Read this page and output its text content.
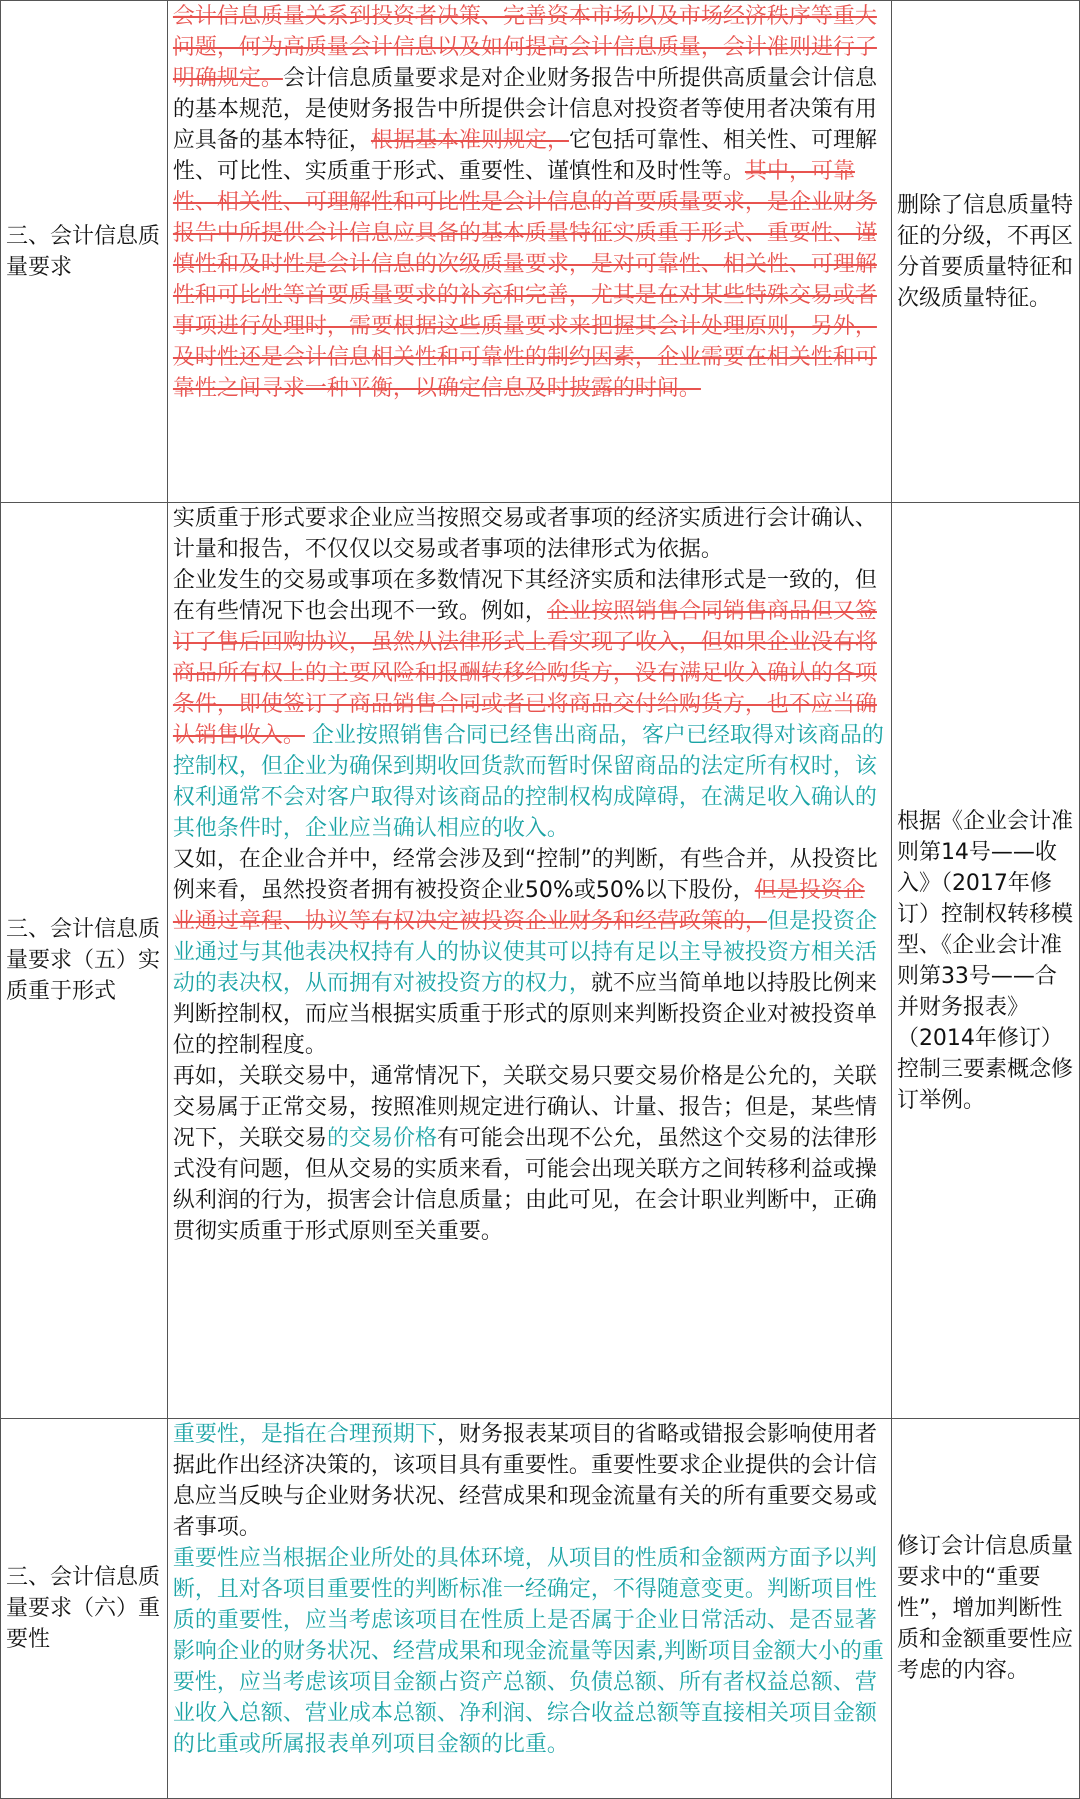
三、会计信息质量要求	会计信息质量关系到投资者决策、完善资本市场以及市场经济秩序等重大问题，何为高质量会计信息以及如何提高会计信息质量，会计准则进行了明确规定。会计信息质量要求是对企业财务报告中所提供高质量会计信息的基本规范，是使财务报告中所提供会计信息对投资者等使用者决策有用应具备的基本特征，根据基本准则规定，它包括可靠性、相关性、可理解性、可比性、实质重于形式、重要性、谨慎性和及时性等。其中，可靠性、相关性、可理解性和可比性是会计信息的首要质量要求，是企业财务报告中所提供会计信息应具备的基本质量特征实质重于形式、重要性、谨慎性和及时性是会计信息的次级质量要求，是对可靠性、相关性、可理解性和可比性等首要质量要求的补充和完善，尤其是在对某些特殊交易或者事项进行处理时，需要根据这些质量要求来把握其会计处理原则，另外，及时性还是会计信息相关性和可靠性的制约因素，企业需要在相关性和可靠性之间寻求一种平衡，以确定信息及时披露的时间。	删除了信息质量特征的分级，不再区分首要质量特征和次级质量特征。
三、会计信息质量要求（五）实质重于形式	实质重于形式要求企业应当按照交易或者事项的经济实质进行会计确认、计量和报告，不仅仅以交易或者事项的法律形式为依据。

企业发生的交易或事项在多数情况下其经济实质和法律形式是一致的，但在有些情况下也会出现不一致。例如，企业按照销售合同销售商品但又签订了售后回购协议，虽然从法律形式上看实现了收入，但如果企业没有将商品所有权上的主要风险和报酬转移给购货方，没有满足收入确认的各项条件，即使签订了商品销售合同或者已将商品交付给购货方，也不应当确认销售收入。 企业按照销售合同已经售出商品，客户已经取得对该商品的控制权，但企业为确保到期收回货款而暂时保留商品的法定所有权时，该权利通常不会对客户取得对该商品的控制权构成障碍，在满足收入确认的其他条件时，企业应当确认相应的收入。

又如，在企业合并中，经常会涉及到“控制”的判断，有些合并，从投资比例来看，虽然投资者拥有被投资企业50%或50%以下股份，但是投资企业通过章程、协议等有权决定被投资企业财务和经营政策的，但是投资企业通过与其他表决权持有人的协议使其可以持有足以主导被投资方相关活动的表决权，从而拥有对被投资方的权力，就不应当简单地以持股比例来判断控制权，而应当根据实质重于形式的原则来判断投资企业对被投资单位的控制程度。

再如，关联交易中，通常情况下，关联交易只要交易价格是公允的，关联交易属于正常交易，按照准则规定进行确认、计量、报告；但是，某些情况下，关联交易的交易价格有可能会出现不公允，虽然这个交易的法律形式没有问题，但从交易的实质来看，可能会出现关联方之间转移利益或操纵利润的行为，损害会计信息质量；由此可见，在会计职业判断中，正确贯彻实质重于形式原则至关重要。	根据《企业会计准则第14号——收入》（2017年修订）控制权转移模型、《企业会计准则第33号——合并财务报表》（2014年修订）控制三要素概念修订举例。
三、会计信息质量要求（六）重要性	重要性，是指在合理预期下，财务报表某项目的省略或错报会影响使用者据此作出经济决策的，该项目具有重要性。重要性要求企业提供的会计信息应当反映与企业财务状况、经营成果和现金流量有关的所有重要交易或者事项。

重要性应当根据企业所处的具体环境，从项目的性质和金额两方面予以判断，且对各项目重要性的判断标准一经确定，不得随意变更。判断项目性质的重要性，应当考虑该项目在性质上是否属于企业日常活动、是否显著影响企业的财务状况、经营成果和现金流量等因素,判断项目金额大小的重要性，应当考虑该项目金额占资产总额、负债总额、所有者权益总额、营业收入总额、营业成本总额、净利润、综合收益总额等直接相关项目金额的比重或所属报表单列项目金额的比重。	修订会计信息质量要求中的“重要性”，增加判断性质和金额重要性应考虑的内容。
